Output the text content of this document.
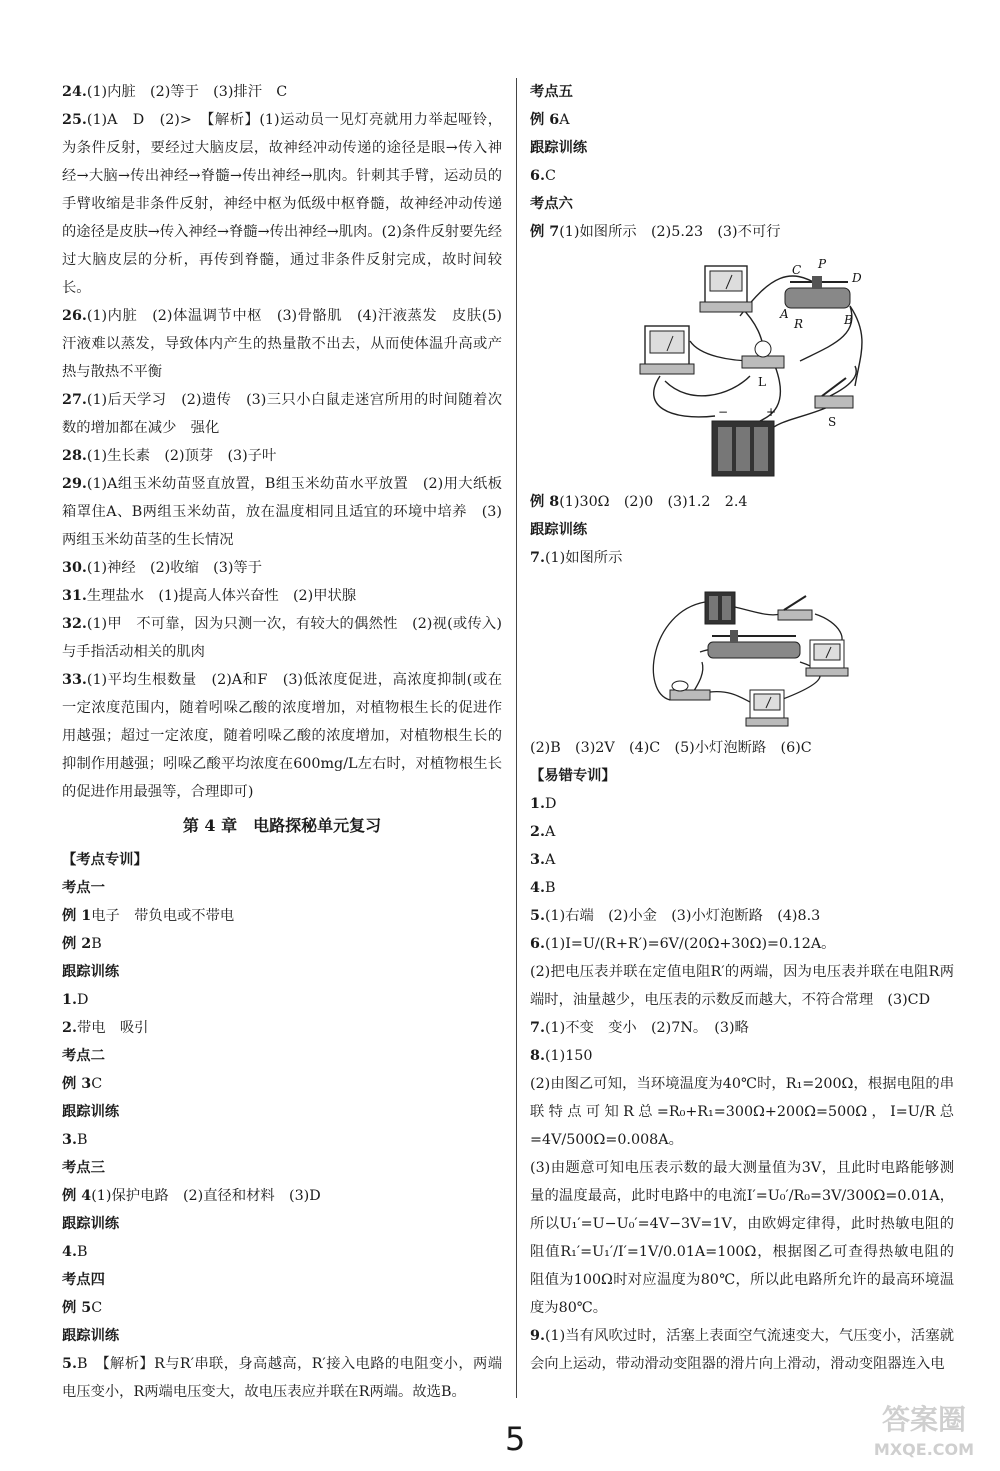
24.(1)内脏　(2)等于　(3)排汗　C

25.(1)A　D　(2)>　【解析】(1)运动员一见灯亮就用力举起哑铃，为条件反射，要经过大脑皮层，故神经冲动传递的途径是眼→传入神经→大脑→传出神经→脊髓→传出神经→肌肉。针刺其手臂，运动员的手臂收缩是非条件反射，神经中枢为低级中枢脊髓，故神经冲动传递的途径是皮肤→传入神经→脊髓→传出神经→肌肉。(2)条件反射要先经过大脑皮层的分析，再传到脊髓，通过非条件反射完成，故时间较长。

26.(1)内脏　(2)体温调节中枢　(3)骨骼肌　(4)汗液蒸发　皮肤(5)汗液难以蒸发，导致体内产生的热量散不出去，从而使体温升高或产热与散热不平衡

27.(1)后天学习　(2)遗传　(3)三只小白鼠走迷宫所用的时间随着次数的增加都在减少　强化

28.(1)生长素　(2)顶芽　(3)子叶

29.(1)A组玉米幼苗竖直放置，B组玉米幼苗水平放置　(2)用大纸板箱罩住A、B两组玉米幼苗，放在温度相同且适宜的环境中培养　(3)两组玉米幼苗茎的生长情况

30.(1)神经　(2)收缩　(3)等于

31.生理盐水　(1)提高人体兴奋性　(2)甲状腺

32.(1)甲　不可靠，因为只测一次，有较大的偶然性　(2)视(或传入)　与手指活动相关的肌肉

33.(1)平均生根数量　(2)A和F　(3)低浓度促进，高浓度抑制(或在一定浓度范围内，随着吲哚乙酸的浓度增加，对植物根生长的促进作用越强；超过一定浓度，随着吲哚乙酸的浓度增加，对植物根生长的抑制作用越强；吲哚乙酸平均浓度在600mg/L左右时，对植物根生长的促进作用最强等，合理即可)

第 4 章　电路探秘单元复习

【考点专训】

考点一

例 1电子　带负电或不带电

例 2B

跟踪训练

1.D

2.带电　吸引

考点二

例 3C

跟踪训练

3.B

考点三

例 4(1)保护电路　(2)直径和材料　(3)D

跟踪训练

4.B

考点四

例 5C

跟踪训练

5.B　【解析】R与R′串联，身高越高，R′接入电路的电阻变小，两端电压变小，R两端电压变大，故电压表应并联在R两端。故选B。

考点五

例 6A

跟踪训练

6.C

考点六

例 7(1)如图所示　(2)5.23　(3)不可行

C P
D
A
R	B
L
S
−	+

例 8(1)30Ω　(2)0　(3)1.2　2.4

跟踪训练

7.(1)如图所示

(2)B　(3)2V　(4)C　(5)小灯泡断路　(6)C

【易错专训】

1.D

2.A

3.A

4.B

5.(1)右端　(2)小金　(3)小灯泡断路　(4)8.3

6.(1)I=U/(R+R′)=6V/(20Ω+30Ω)=0.12A。

(2)把电压表并联在定值电阻R′的两端，因为电压表并联在电阻R两端时，油量越少，电压表的示数反而越大，不符合常理　(3)CD

7.(1)不变　变小　(2)7N。　(3)略

8.(1)150

(2)由图乙可知，当环境温度为40℃时，R₁=200Ω，根据电阻的串联特点可知R总=R₀+R₁=300Ω+200Ω=500Ω，I=U/R总=4V/500Ω=0.008A。

(3)由题意可知电压表示数的最大测量值为3V，且此时电路能够测量的温度最高，此时电路中的电流I′=U₀′/R₀=3V/300Ω=0.01A，所以U₁′=U−U₀′=4V−3V=1V，由欧姆定律得，此时热敏电阻的阻值R₁′=U₁′/I′=1V/0.01A=100Ω，根据图乙可查得热敏电阻的阻值为100Ω时对应温度为80℃，所以此电路所允许的最高环境温度为80℃。

9.(1)当有风吹过时，活塞上表面空气流速变大，气压变小，活塞就会向上运动，带动滑动变阻器的滑片向上滑动，滑动变阻器连入电

5
答案圈
MXQE.COM
